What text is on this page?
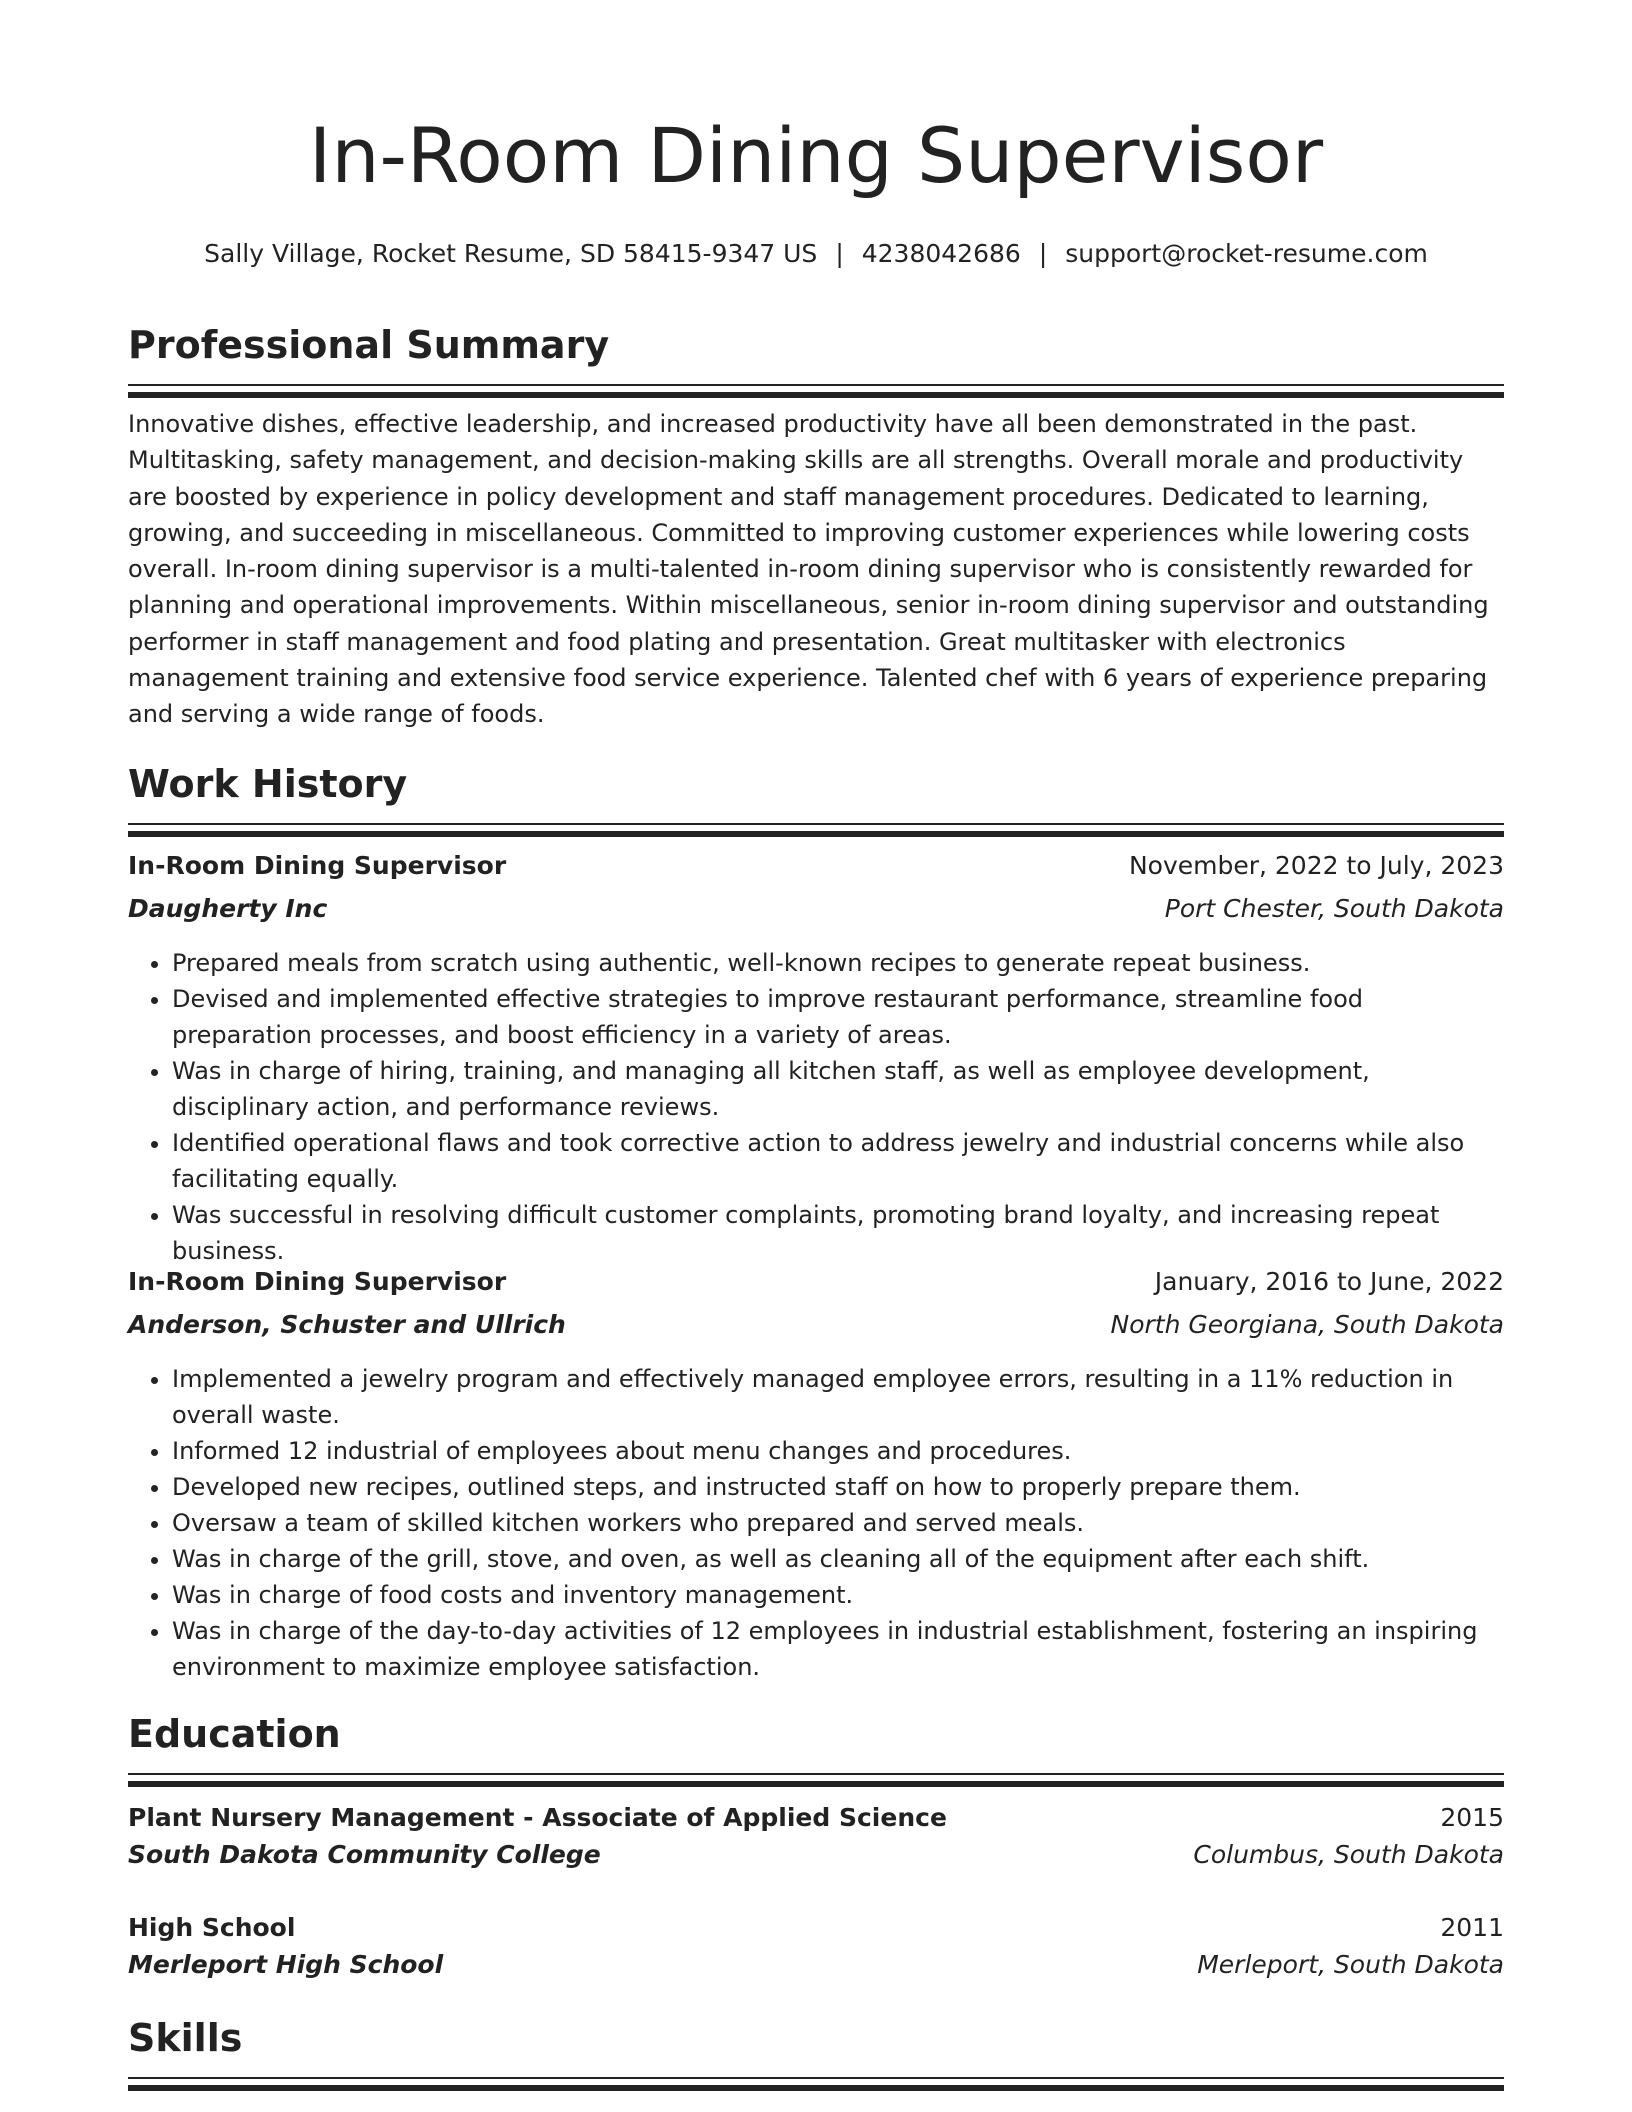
In-Room Dining Supervisor
Sally Village, Rocket Resume, SD 58415-9347 US | 4238042686 | support@rocket-resume.com
Professional Summary

Innovative dishes, effective leadership, and increased productivity have all been demonstrated in the past. Multitasking, safety management, and decision-making skills are all strengths. Overall morale and productivity are boosted by experience in policy development and staff management procedures. Dedicated to learning, growing, and succeeding in miscellaneous. Committed to improving customer experiences while lowering costs overall. In-room dining supervisor is a multi-talented in-room dining supervisor who is consistently rewarded for planning and operational improvements. Within miscellaneous, senior in-room dining supervisor and outstanding performer in staff management and food plating and presentation. Great multitasker with electronics management training and extensive food service experience. Talented chef with 6 years of experience preparing and serving a wide range of foods.

Work History
In-Room Dining Supervisor	November, 2022 to July, 2023
Daugherty Inc	Port Chester, South Dakota
• Prepared meals from scratch using authentic, well-known recipes to generate repeat business.
• Devised and implemented effective strategies to improve restaurant performance, streamline food preparation processes, and boost efficiency in a variety of areas.
• Was in charge of hiring, training, and managing all kitchen staff, as well as employee development, disciplinary action, and performance reviews.
• Identified operational flaws and took corrective action to address jewelry and industrial concerns while also facilitating equally.
• Was successful in resolving difficult customer complaints, promoting brand loyalty, and increasing repeat business.
In-Room Dining Supervisor	January, 2016 to June, 2022
Anderson, Schuster and Ullrich	North Georgiana, South Dakota
• Implemented a jewelry program and effectively managed employee errors, resulting in a 11% reduction in overall waste.
• Informed 12 industrial of employees about menu changes and procedures.
• Developed new recipes, outlined steps, and instructed staff on how to properly prepare them.
• Oversaw a team of skilled kitchen workers who prepared and served meals.
• Was in charge of the grill, stove, and oven, as well as cleaning all of the equipment after each shift.
• Was in charge of food costs and inventory management.
• Was in charge of the day-to-day activities of 12 employees in industrial establishment, fostering an inspiring environment to maximize employee satisfaction.
Education
Plant Nursery Management - Associate of Applied Science	2015
South Dakota Community College	Columbus, South Dakota
High School	2011
Merleport High School	Merleport, South Dakota
Skills
